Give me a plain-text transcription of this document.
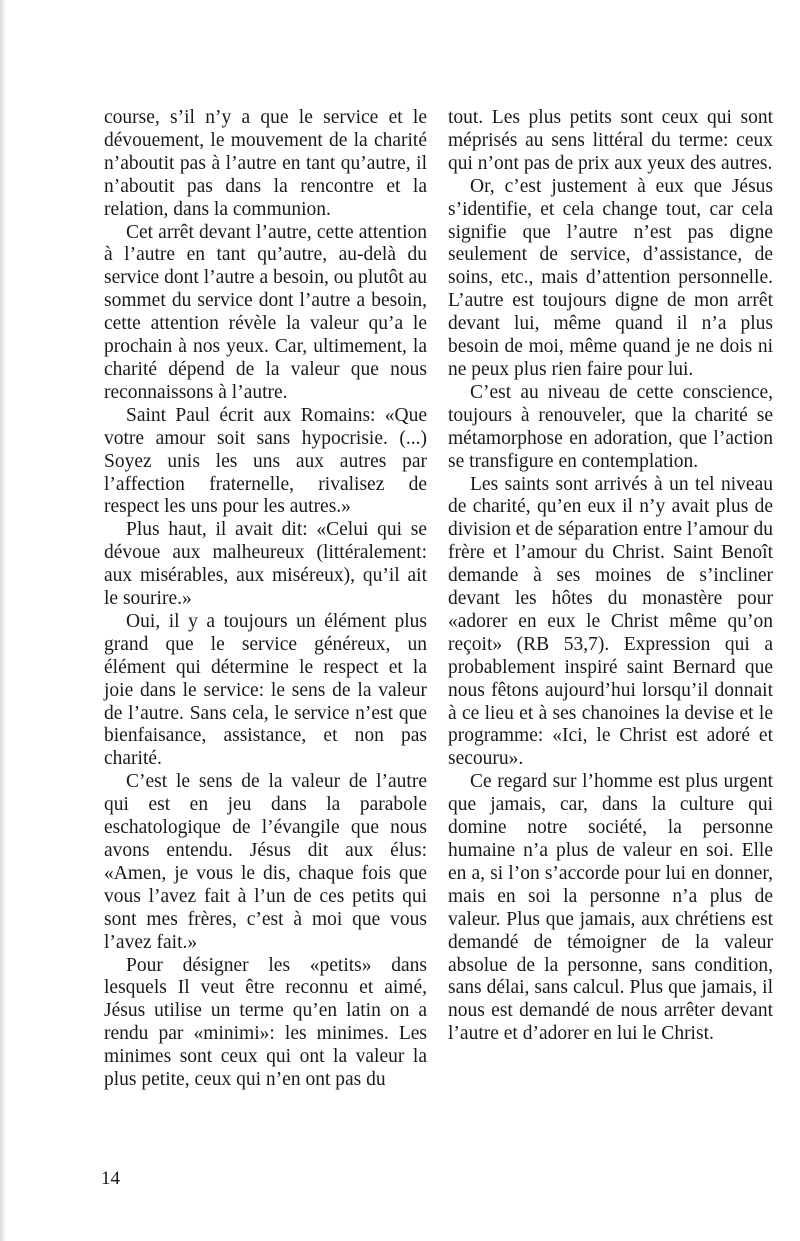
course, s’il n’y a que le service et le dévouement, le mouvement de la charité n’aboutit pas à l’autre en tant qu’autre, il n’aboutit pas dans la rencontre et la relation, dans la communion.

Cet arrêt devant l’autre, cette attention à l’autre en tant qu’autre, au-delà du service dont l’autre a besoin, ou plutôt au sommet du service dont l’autre a besoin, cette attention révèle la valeur qu’a le prochain à nos yeux. Car, ultimement, la charité dépend de la valeur que nous reconnaissons à l’autre.

Saint Paul écrit aux Romains: «Que votre amour soit sans hypocrisie. (...) Soyez unis les uns aux autres par l’affection fraternelle, rivalisez de respect les uns pour les autres.»

Plus haut, il avait dit: «Celui qui se dévoue aux malheureux (littéralement: aux misérables, aux miséreux), qu’il ait le sourire.»

Oui, il y a toujours un élément plus grand que le service généreux, un élément qui détermine le respect et la joie dans le service: le sens de la valeur de l’autre. Sans cela, le service n’est que bienfaisance, assistance, et non pas charité.

C’est le sens de la valeur de l’autre qui est en jeu dans la parabole eschatologique de l’évangile que nous avons entendu. Jésus dit aux élus: «Amen, je vous le dis, chaque fois que vous l’avez fait à l’un de ces petits qui sont mes frères, c’est à moi que vous l’avez fait.»

Pour désigner les «petits» dans lesquels Il veut être reconnu et aimé, Jésus utilise un terme qu’en latin on a rendu par «minimi»: les minimes. Les minimes sont ceux qui ont la valeur la plus petite, ceux qui n’en ont pas du

tout. Les plus petits sont ceux qui sont méprisés au sens littéral du terme: ceux qui n’ont pas de prix aux yeux des autres.

Or, c’est justement à eux que Jésus s’identifie, et cela change tout, car cela signifie que l’autre n’est pas digne seulement de service, d’assistance, de soins, etc., mais d’attention personnelle. L’autre est toujours digne de mon arrêt devant lui, même quand il n’a plus besoin de moi, même quand je ne dois ni ne peux plus rien faire pour lui.

C’est au niveau de cette conscience, toujours à renouveler, que la charité se métamorphose en adoration, que l’action se transfigure en contemplation.

Les saints sont arrivés à un tel niveau de charité, qu’en eux il n’y avait plus de division et de séparation entre l’amour du frère et l’amour du Christ. Saint Benoît demande à ses moines de s’incliner devant les hôtes du monastère pour «adorer en eux le Christ même qu’on reçoit» (RB 53,7). Expression qui a probablement inspiré saint Bernard que nous fêtons aujourd’hui lorsqu’il donnait à ce lieu et à ses chanoines la devise et le programme: «Ici, le Christ est adoré et secouru».

Ce regard sur l’homme est plus urgent que jamais, car, dans la culture qui domine notre société, la personne humaine n’a plus de valeur en soi. Elle en a, si l’on s’accorde pour lui en donner, mais en soi la personne n’a plus de valeur. Plus que jamais, aux chrétiens est demandé de témoigner de la valeur absolue de la personne, sans condition, sans délai, sans calcul. Plus que jamais, il nous est demandé de nous arrêter devant l’autre et d’adorer en lui le Christ.

14
